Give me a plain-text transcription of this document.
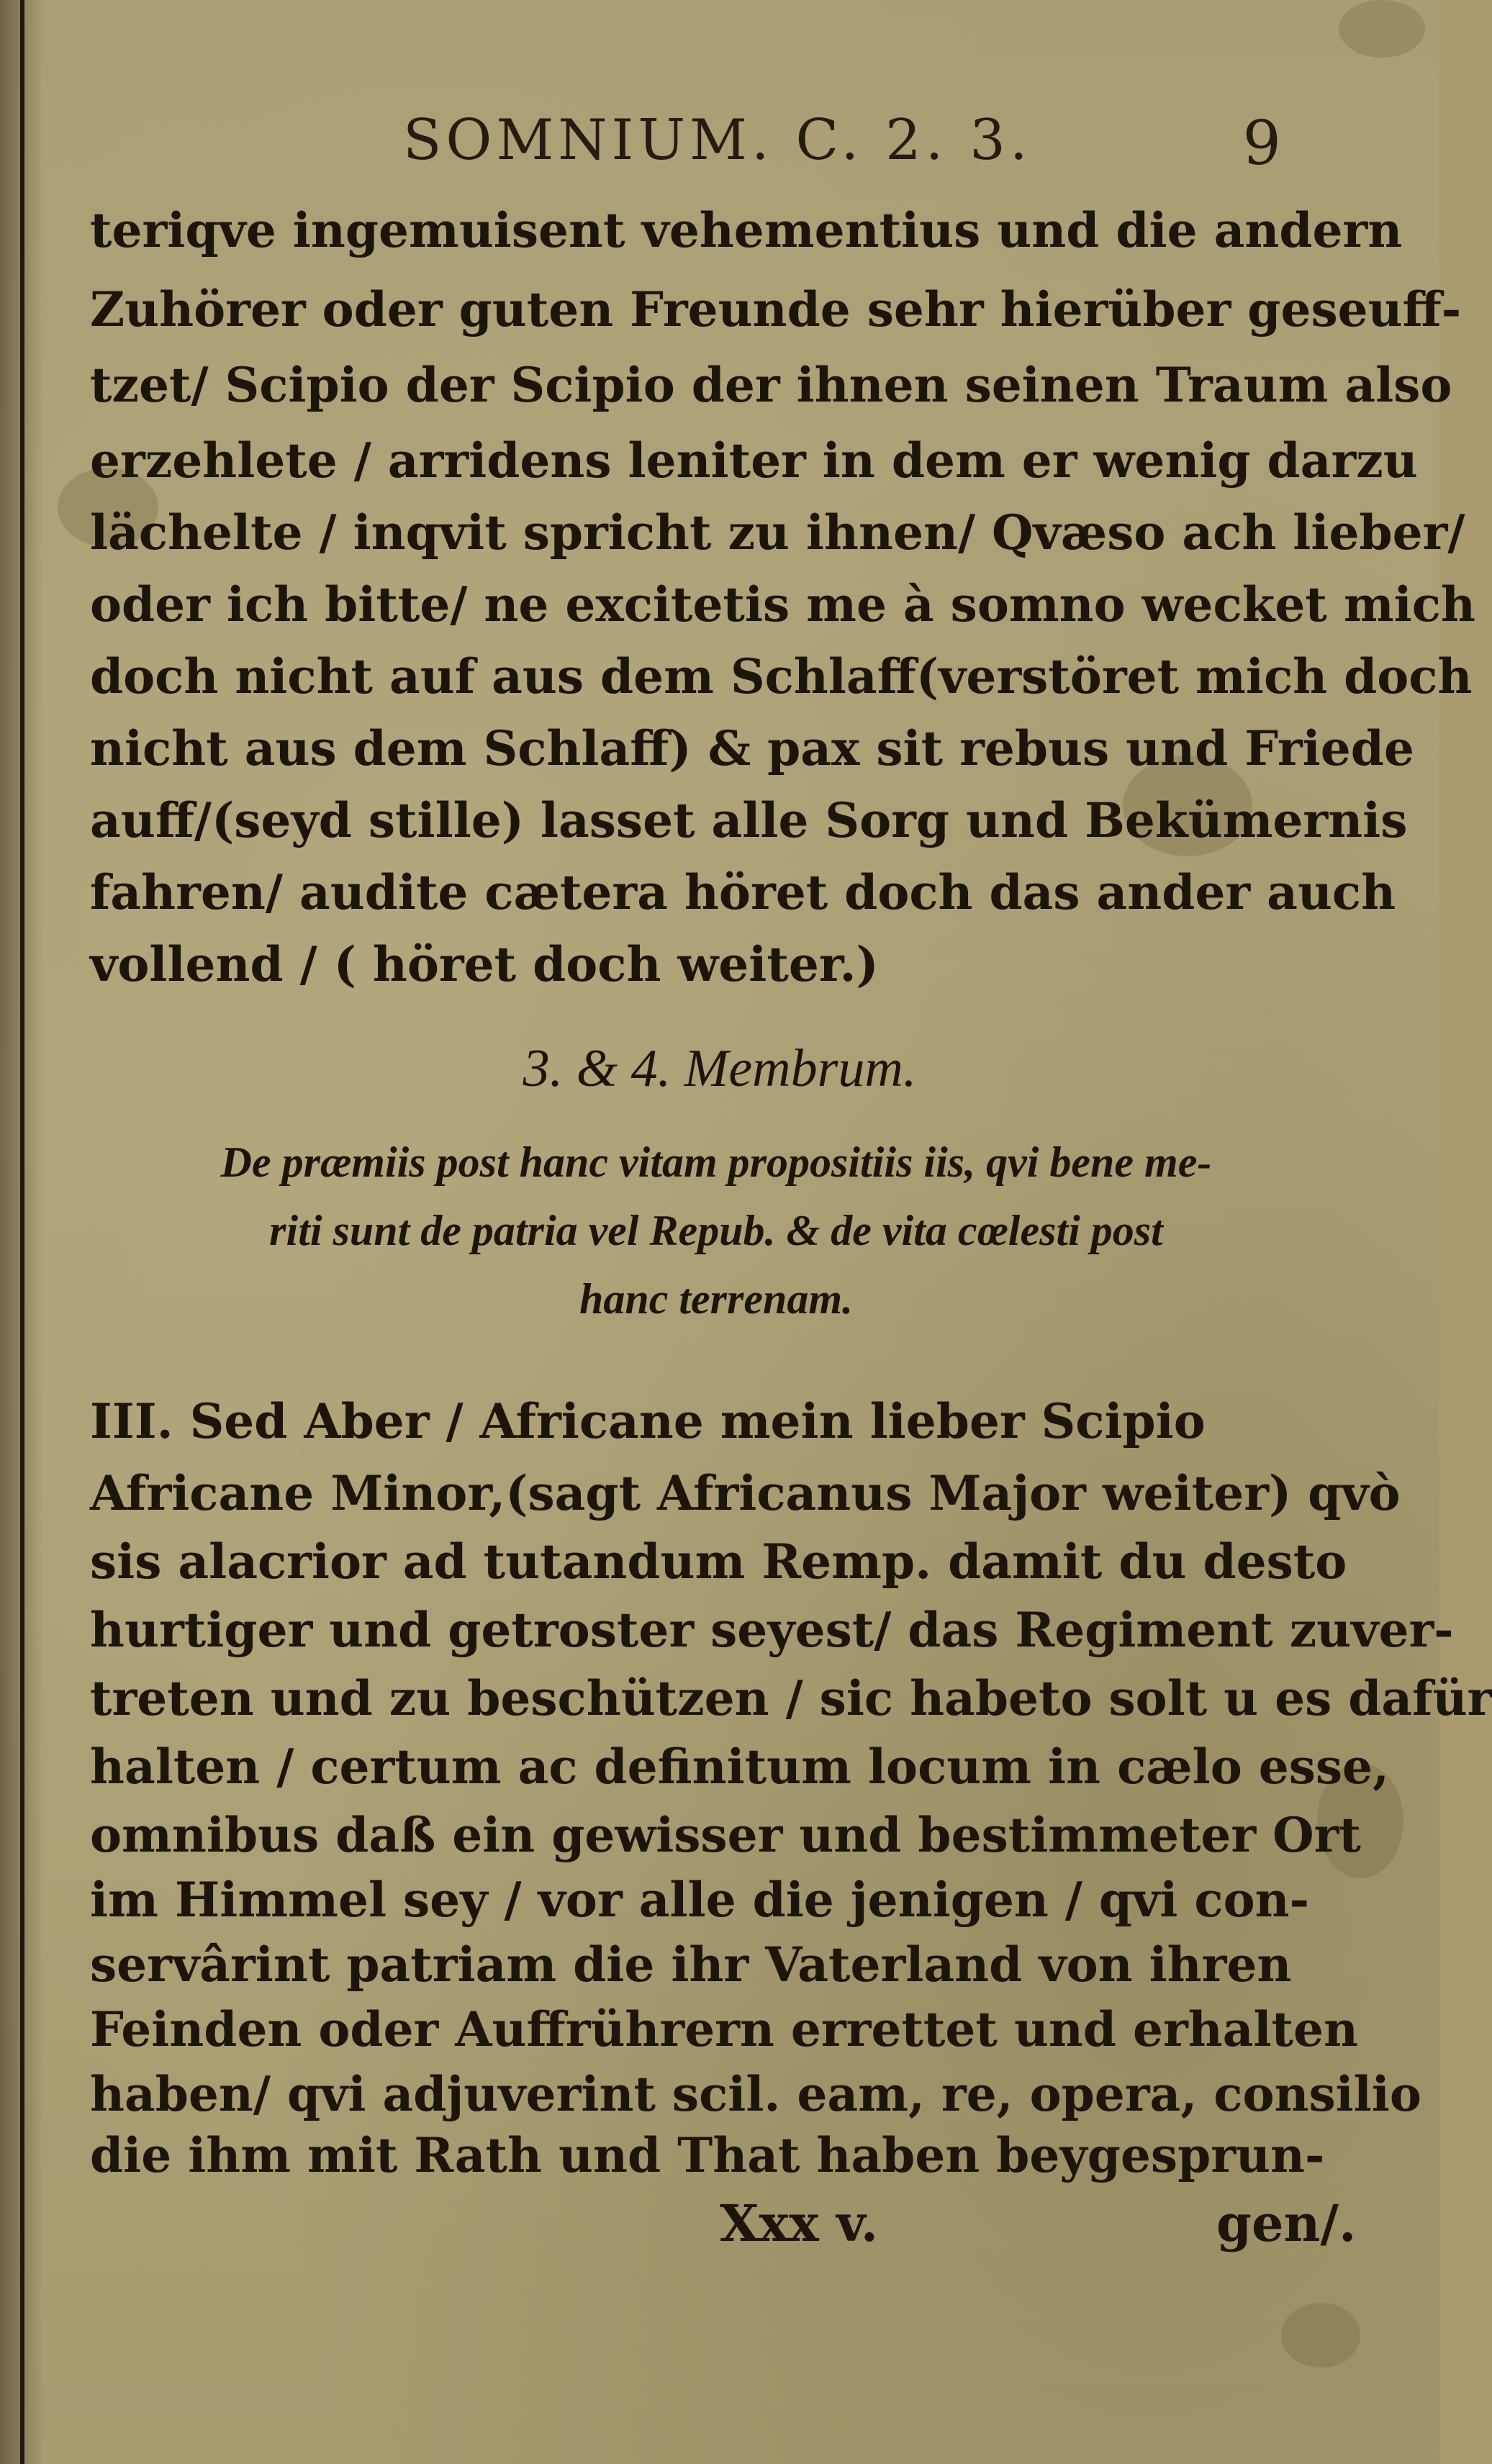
SOMNIUM. C. 2. 3.	9
teriqve ingemuisent vehementius und die andern
Zuhörer oder guten Freunde sehr hierüber geseuff-
tzet/ Scipio der Scipio der ihnen seinen Traum also
erzehlete / arridens leniter in dem er wenig darzu
lächelte / inqvit spricht zu ihnen/ Qvæso ach lieber/
oder ich bitte/ ne excitetis me à somno wecket mich
doch nicht auf aus dem Schlaff(verstöret mich doch
nicht aus dem Schlaff) & pax sit rebus und Friede
auff/(seyd stille) lasset alle Sorg und Bekümernis
fahren/ audite cætera höret doch das ander auch
vollend / ( höret doch weiter.)
3. & 4. Membrum.
De præmiis post hanc vitam propositiis iis, qvi bene me-
riti sunt de patria vel Repub. & de vita cœlesti post
hanc terrenam.
III. Sed Aber / Africane mein lieber Scipio
Africane Minor,(sagt Africanus Major weiter) qvò
sis alacrior ad tutandum Remp. damit du desto
hurtiger und getroster seyest/ das Regiment zuver-
treten und zu beschützen / sic habeto solt u es dafür
halten / certum ac definitum locum in cælo esse,
omnibus daß ein gewisser und bestimmeter Ort
im Himmel sey / vor alle die jenigen / qvi con-
servârint patriam die ihr Vaterland von ihren
Feinden oder Auffrührern errettet und erhalten
haben/ qvi adjuverint scil. eam, re, opera, consilio
die ihm mit Rath und That haben beygesprun-
Xxx v.	gen/.
